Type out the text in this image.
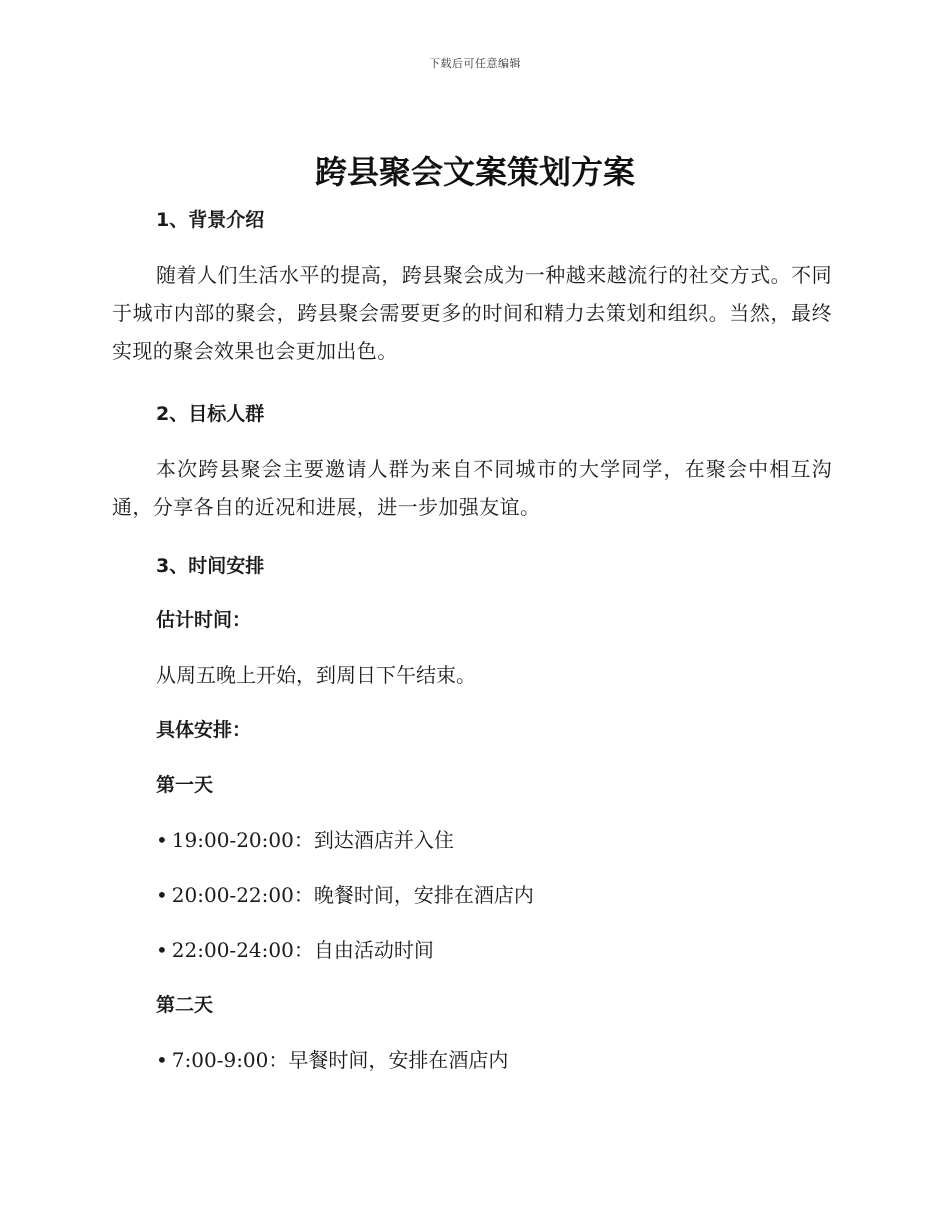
下载后可任意编辑
跨县聚会文案策划方案
1、背景介绍
随着人们生活水平的提高，跨县聚会成为一种越来越流行的社交方式。不同于城市内部的聚会，跨县聚会需要更多的时间和精力去策划和组织。当然，最终实现的聚会效果也会更加出色。
2、目标人群
本次跨县聚会主要邀请人群为来自不同城市的大学同学，在聚会中相互沟通，分享各自的近况和进展，进一步加强友谊。
3、时间安排
估计时间：
从周五晚上开始，到周日下午结束。
具体安排：
第一天
• 19:00-20:00：到达酒店并入住
• 20:00-22:00：晚餐时间，安排在酒店内
• 22:00-24:00：自由活动时间
第二天
• 7:00-9:00：早餐时间，安排在酒店内
